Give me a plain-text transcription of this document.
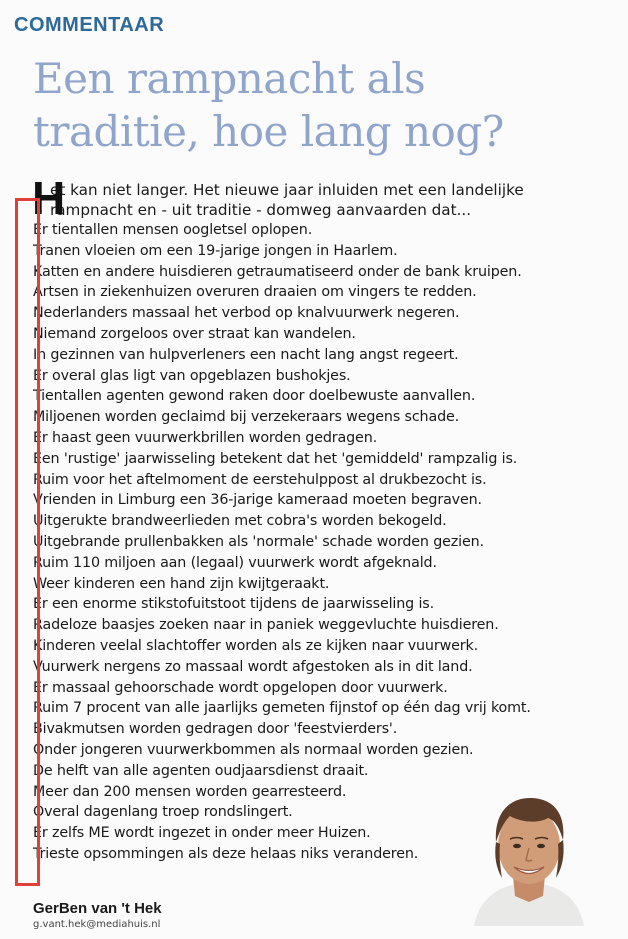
COMMENTAAR
Een rampnacht als
traditie, hoe lang nog?
H
et kan niet langer. Het nieuwe jaar inluiden met een landelijke
rampnacht en - uit traditie - domweg aanvaarden dat...
Er tientallen mensen oogletsel oplopen.
Tranen vloeien om een 19-jarige jongen in Haarlem.
Katten en andere huisdieren getraumatiseerd onder de bank kruipen.
Artsen in ziekenhuizen overuren draaien om vingers te redden.
Nederlanders massaal het verbod op knalvuurwerk negeren.
Niemand zorgeloos over straat kan wandelen.
In gezinnen van hulpverleners een nacht lang angst regeert.
Er overal glas ligt van opgeblazen bushokjes.
Tientallen agenten gewond raken door doelbewuste aanvallen.
Miljoenen worden geclaimd bij verzekeraars wegens schade.
Er haast geen vuurwerkbrillen worden gedragen.
Een 'rustige' jaarwisseling betekent dat het 'gemiddeld' rampzalig is.
Ruim voor het aftelmoment de eerstehulppost al drukbezocht is.
Vrienden in Limburg een 36-jarige kameraad moeten begraven.
Uitgerukte brandweerlieden met cobra's worden bekogeld.
Uitgebrande prullenbakken als 'normale' schade worden gezien.
Ruim 110 miljoen aan (legaal) vuurwerk wordt afgeknald.
Weer kinderen een hand zijn kwijtgeraakt.
Er een enorme stikstofuitstoot tijdens de jaarwisseling is.
Radeloze baasjes zoeken naar in paniek weggevluchte huisdieren.
Kinderen veelal slachtoffer worden als ze kijken naar vuurwerk.
Vuurwerk nergens zo massaal wordt afgestoken als in dit land.
Er massaal gehoorschade wordt opgelopen door vuurwerk.
Ruim 7 procent van alle jaarlijks gemeten fijnstof op één dag vrij komt.
Bivakmutsen worden gedragen door 'feestvierders'.
Onder jongeren vuurwerkbommen als normaal worden gezien.
De helft van alle agenten oudjaarsdienst draait.
Meer dan 200 mensen worden gearresteerd.
Overal dagenlang troep rondslingert.
Er zelfs ME wordt ingezet in onder meer Huizen.
Trieste opsommingen als deze helaas niks veranderen.
GerBen van 't Hek
g.vant.hek@mediahuis.nl
